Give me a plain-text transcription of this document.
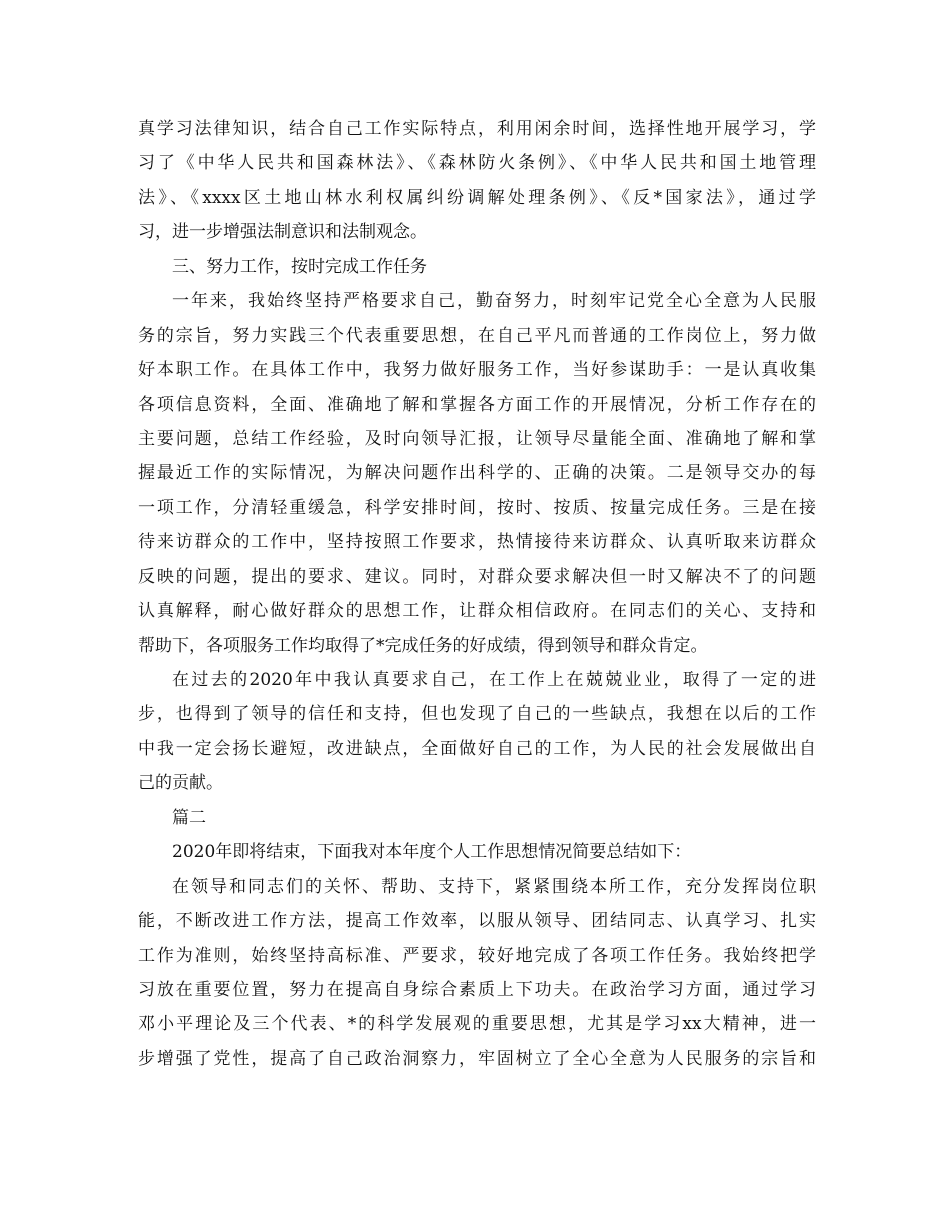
真学习法律知识，结合自己工作实际特点，利用闲余时间，选择性地开展学习，学
习了《中华人民共和国森林法》、《森林防火条例》、《中华人民共和国土地管理
法》、《xxxx区土地山林水利权属纠纷调解处理条例》、《反*国家法》，通过学
习，进一步增强法制意识和法制观念。
三、努力工作，按时完成工作任务
一年来，我始终坚持严格要求自己，勤奋努力，时刻牢记党全心全意为人民服
务的宗旨，努力实践三个代表重要思想，在自己平凡而普通的工作岗位上，努力做
好本职工作。在具体工作中，我努力做好服务工作，当好参谋助手：一是认真收集
各项信息资料，全面、准确地了解和掌握各方面工作的开展情况，分析工作存在的
主要问题，总结工作经验，及时向领导汇报，让领导尽量能全面、准确地了解和掌
握最近工作的实际情况，为解决问题作出科学的、正确的决策。二是领导交办的每
一项工作，分清轻重缓急，科学安排时间，按时、按质、按量完成任务。三是在接
待来访群众的工作中，坚持按照工作要求，热情接待来访群众、认真听取来访群众
反映的问题，提出的要求、建议。同时，对群众要求解决但一时又解决不了的问题
认真解释，耐心做好群众的思想工作，让群众相信政府。在同志们的关心、支持和
帮助下，各项服务工作均取得了*完成任务的好成绩，得到领导和群众肯定。
在过去的2020年中我认真要求自己，在工作上在兢兢业业，取得了一定的进
步，也得到了领导的信任和支持，但也发现了自己的一些缺点，我想在以后的工作
中我一定会扬长避短，改进缺点，全面做好自己的工作，为人民的社会发展做出自
己的贡献。
篇二
2020年即将结束，下面我对本年度个人工作思想情况简要总结如下：
在领导和同志们的关怀、帮助、支持下，紧紧围绕本所工作，充分发挥岗位职
能，不断改进工作方法，提高工作效率，以服从领导、团结同志、认真学习、扎实
工作为准则，始终坚持高标准、严要求，较好地完成了各项工作任务。我始终把学
习放在重要位置，努力在提高自身综合素质上下功夫。在政治学习方面，通过学习
邓小平理论及三个代表、*的科学发展观的重要思想，尤其是学习xx大精神，进一
步增强了党性，提高了自己政治洞察力，牢固树立了全心全意为人民服务的宗旨和
